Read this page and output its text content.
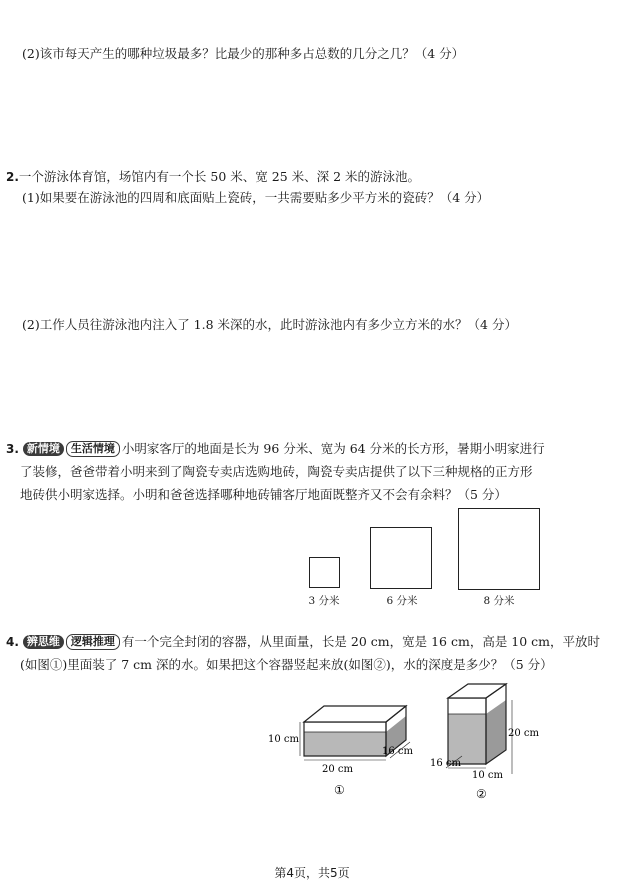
(2)该市每天产生的哪种垃圾最多？比最少的那种多占总数的几分之几？（4 分）
2.一个游泳体育馆，场馆内有一个长 50 米、宽 25 米、深 2 米的游泳池。
(1)如果要在游泳池的四周和底面贴上瓷砖，一共需要贴多少平方米的瓷砖？（4 分）
(2)工作人员往游泳池内注入了 1.8 米深的水，此时游泳池内有多少立方米的水？（4 分）
3. 新情境 生活情境 小明家客厅的地面是长为 96 分米、宽为 64 分米的长方形，暑期小明家进行
了装修，爸爸带着小明来到了陶瓷专卖店选购地砖，陶瓷专卖店提供了以下三种规格的正方形
地砖供小明家选择。小明和爸爸选择哪种地砖铺客厅地面既整齐又不会有余料？（5 分）
3 分米	6 分米	8 分米
4. 辨思维 逻辑推理 有一个完全封闭的容器，从里面量，长是 20 cm，宽是 16 cm，高是 10 cm，平放时
(如图①)里面装了 7 cm 深的水。如果把这个容器竖起来放(如图②)，水的深度是多少？（5 分）
10 cm
20 cm
16 cm
①
20 cm
16 cm
10 cm
②
第4页，共5页
